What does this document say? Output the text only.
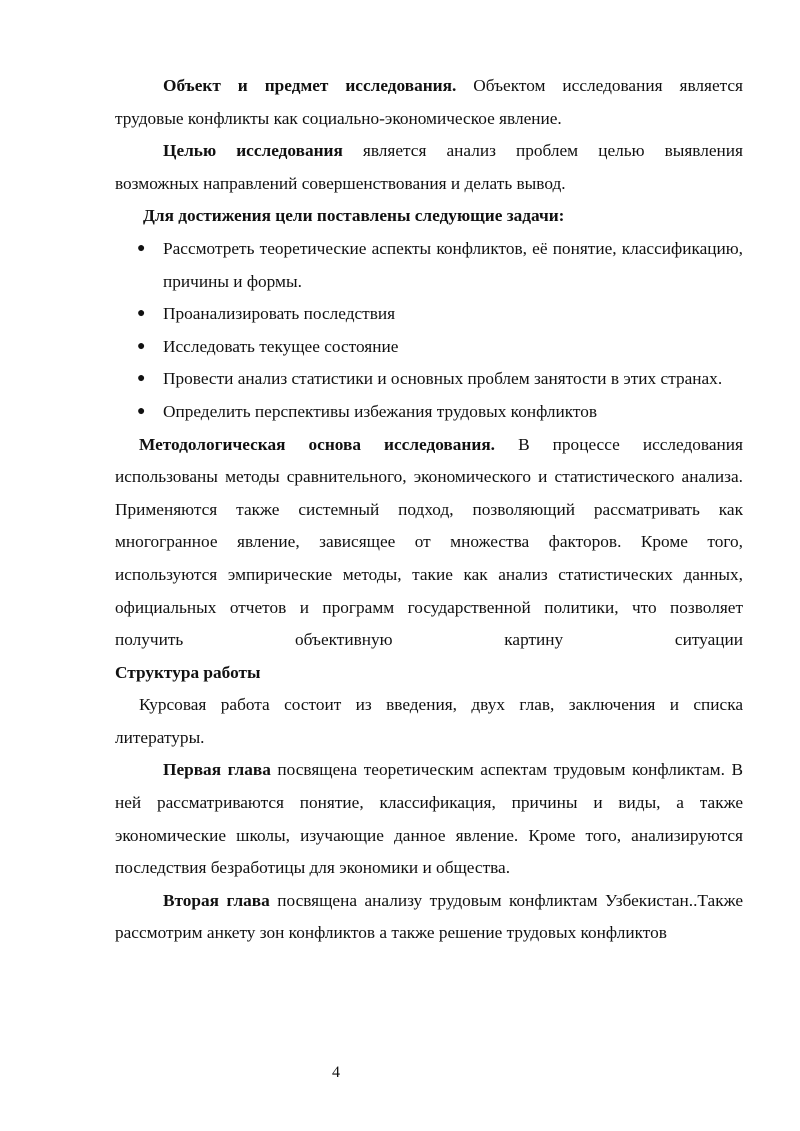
Объект и предмет исследования. Объектом исследования является

трудовые конфликты как социально-экономическое явление.

Целью исследования является анализ проблем целью выявления

возможных направлений совершенствования и делать вывод.

Для достижения цели поставлены следующие задачи:

● Рассмотреть теоретические аспекты конфликтов, её понятие, классификацию, причины и формы.
● Проанализировать последствия
● Исследовать текущее состояние
● Провести анализ статистики и основных проблем занятости в этих странах.
● Определить перспективы избежания трудовых конфликтов

Методологическая основа исследования. В процессе исследования использованы методы сравнительного, экономического и статистического анализа. Применяются также системный подход, позволяющий рассматривать как многогранное явление, зависящее от множества факторов. Кроме того, используются эмпирические методы, такие как анализ статистических данных, официальных отчетов и программ государственной политики, что позволяет получить объективную картину ситуации

Структура работы

Курсовая работа состоит из введения, двух глав, заключения и списка литературы.

Первая глава посвящена теоретическим аспектам трудовым конфликтам. В ней рассматриваются понятие, классификация, причины и виды, а также экономические школы, изучающие данное явление. Кроме того, анализируются последствия безработицы для экономики и общества.

Вторая глава посвящена анализу трудовым конфликтам Узбекистан..Также рассмотрим анкету зон конфликтов а также решение трудовых конфликтов

4
